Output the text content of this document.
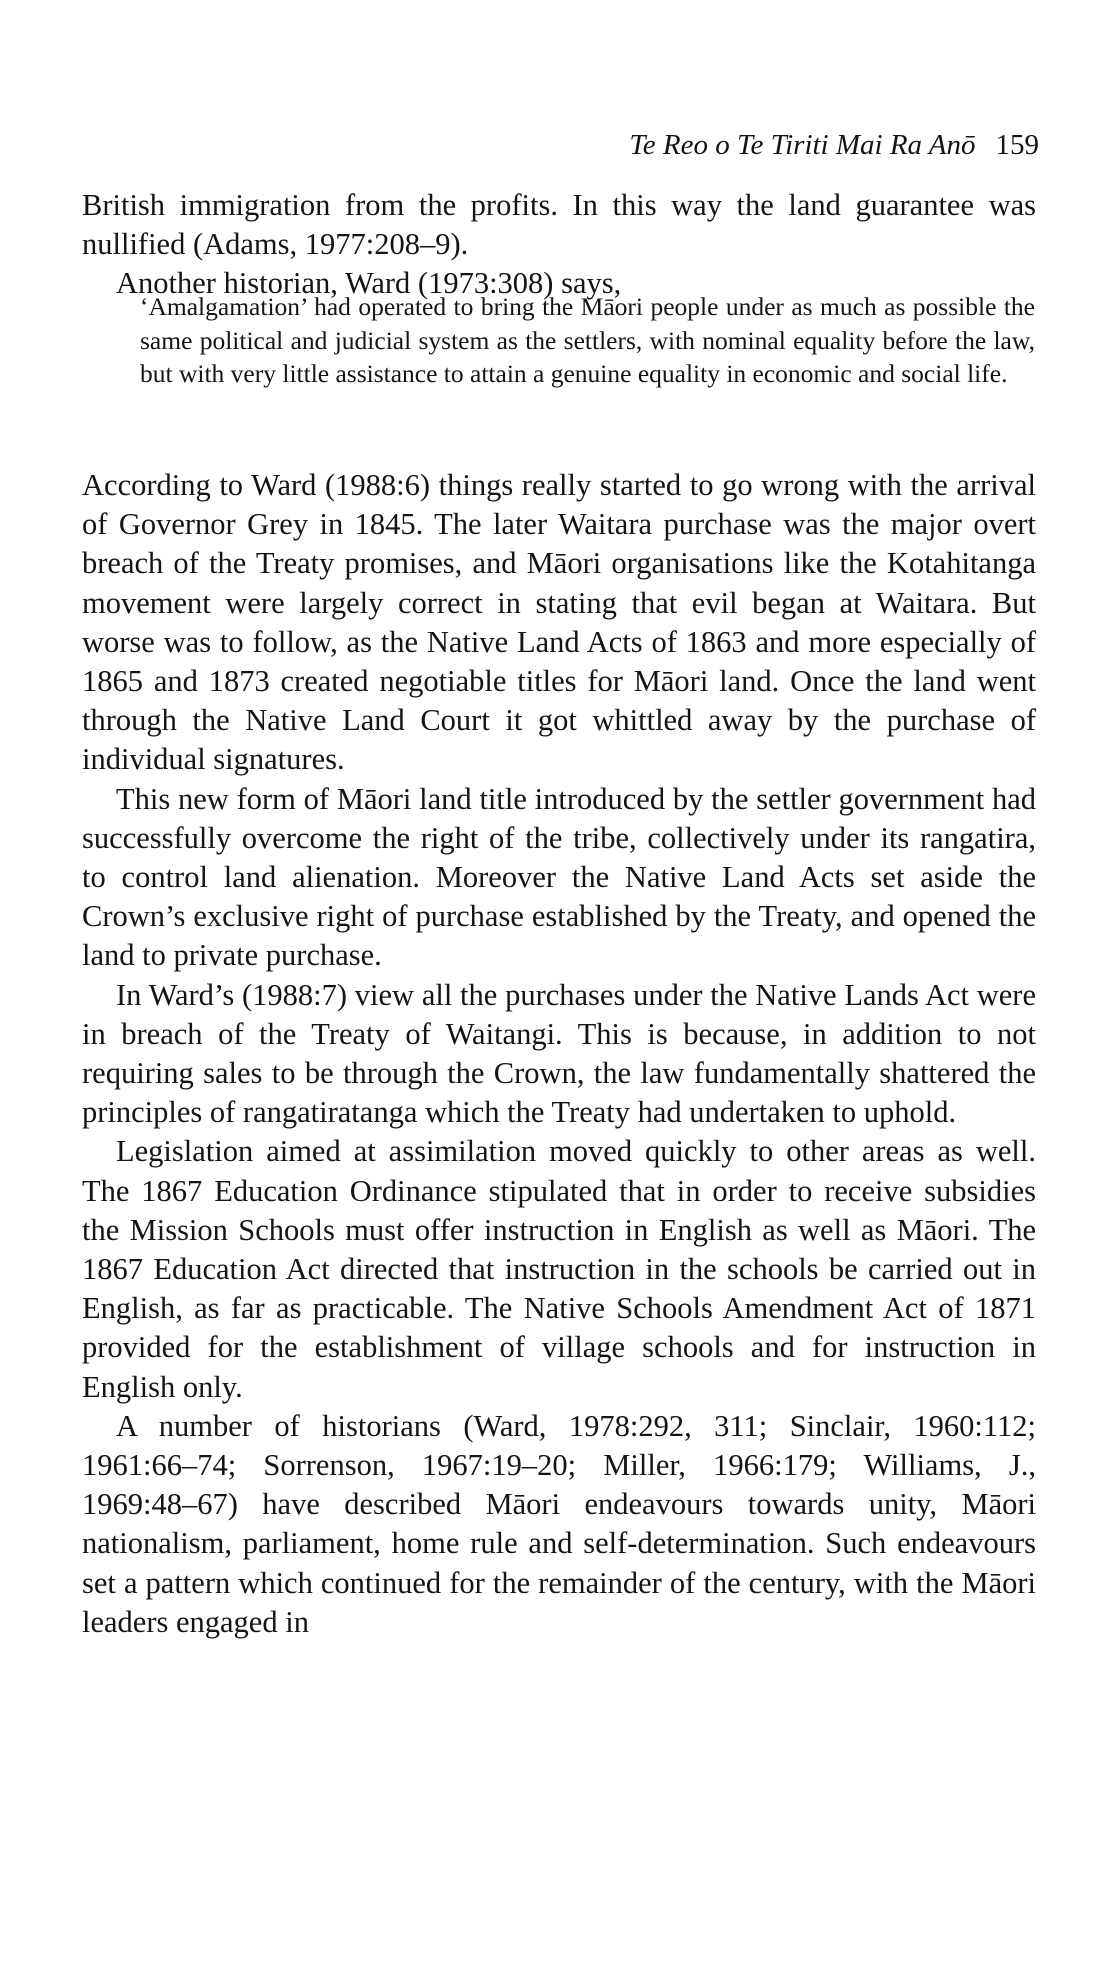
Te Reo o Te Tiriti Mai Ra Anō 159

British immigration from the profits. In this way the land guarantee was nullified (Adams, 1977:208–9).

Another historian, Ward (1973:308) says,

‘Amalgamation’ had operated to bring the Māori people under as much as possible the same political and judicial system as the settlers, with nominal equality before the law, but with very little assistance to attain a genuine equality in economic and social life.

According to Ward (1988:6) things really started to go wrong with the arrival of Governor Grey in 1845. The later Waitara purchase was the major overt breach of the Treaty promises, and Māori organisations like the Kotahitanga movement were largely correct in stating that evil began at Waitara. But worse was to follow, as the Native Land Acts of 1863 and more especially of 1865 and 1873 created negotiable titles for Māori land. Once the land went through the Native Land Court it got whittled away by the purchase of individual signatures.

This new form of Māori land title introduced by the settler government had successfully overcome the right of the tribe, collectively under its rangatira, to control land alienation. Moreover the Native Land Acts set aside the Crown’s exclusive right of purchase established by the Treaty, and opened the land to private purchase.

In Ward’s (1988:7) view all the purchases under the Native Lands Act were in breach of the Treaty of Waitangi. This is because, in addition to not requiring sales to be through the Crown, the law fundamentally shattered the principles of rangatiratanga which the Treaty had undertaken to uphold.

Legislation aimed at assimilation moved quickly to other areas as well. The 1867 Education Ordinance stipulated that in order to receive subsidies the Mission Schools must offer instruction in English as well as Māori. The 1867 Education Act directed that instruction in the schools be carried out in English, as far as practicable. The Native Schools Amendment Act of 1871 provided for the establishment of village schools and for instruction in English only.

A number of historians (Ward, 1978:292, 311; Sinclair, 1960:112; 1961:66–74; Sorrenson, 1967:19–20; Miller, 1966:179; Williams, J., 1969:48–67) have described Māori endeavours towards unity, Māori nationalism, parliament, home rule and self-determination. Such endeavours set a pattern which continued for the remainder of the century, with the Māori leaders engaged in
